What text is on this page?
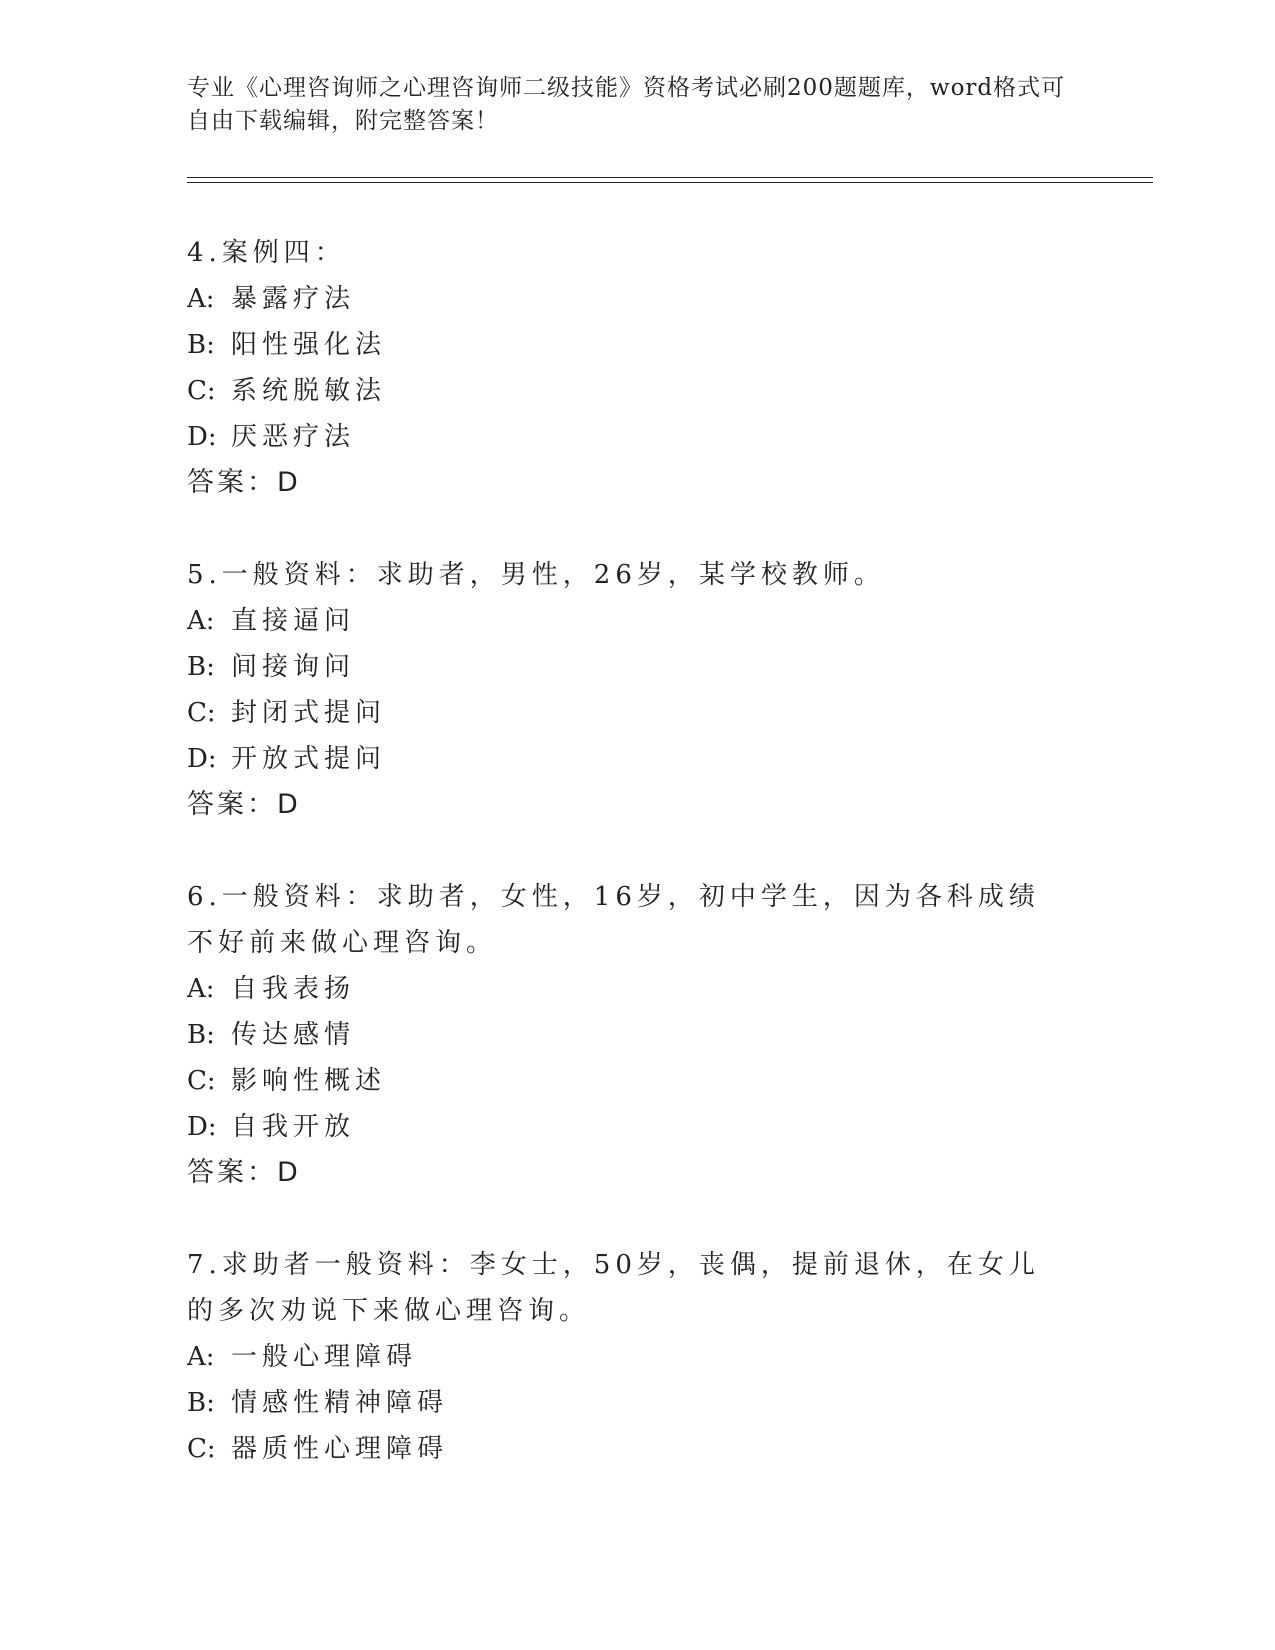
专业《心理咨询师之心理咨询师二级技能》资格考试必刷200题题库，word格式可自由下载编辑，附完整答案！

4.案例四：

A: 暴露疗法

B: 阳性强化法

C: 系统脱敏法

D: 厌恶疗法

答案：D

5.一般资料：求助者，男性，26岁，某学校教师。

A: 直接逼问

B: 间接询问

C: 封闭式提问

D: 开放式提问

答案：D

6.一般资料：求助者，女性，16岁，初中学生，因为各科成绩不好前来做心理咨询。

A: 自我表扬

B: 传达感情

C: 影响性概述

D: 自我开放

答案：D

7.求助者一般资料：李女士，50岁，丧偶，提前退休，在女儿的多次劝说下来做心理咨询。

A: 一般心理障碍

B: 情感性精神障碍

C: 器质性心理障碍
